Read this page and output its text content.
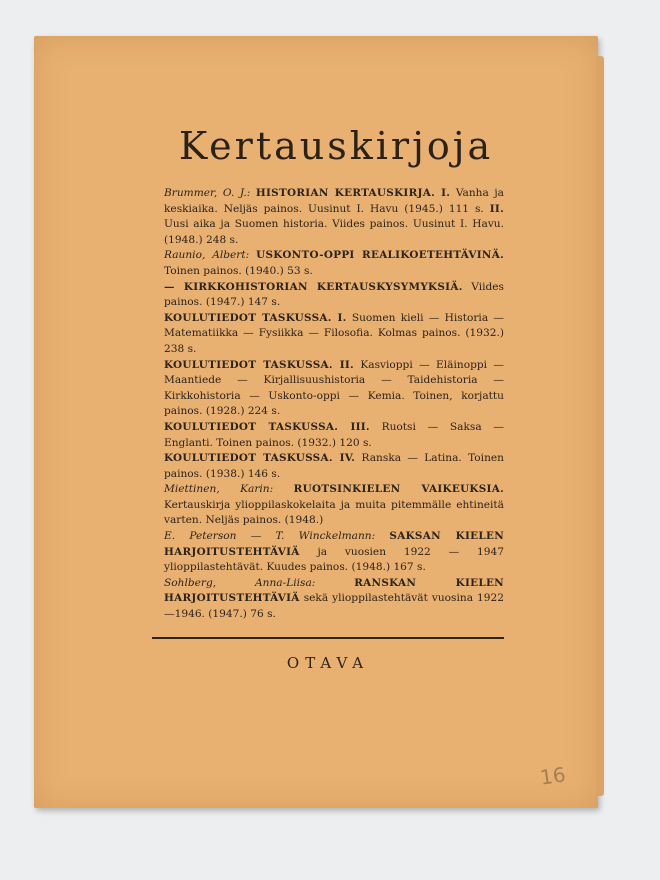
Kertauskirjoja

Brummer, O. J.: HISTORIAN KERTAUSKIRJA. I. Vanha ja keskiaika. Neljäs painos. Uusinut I. Havu (1945.) 111 s. II. Uusi aika ja Suomen historia. Viides painos. Uusinut I. Havu. (1948.) 248 s.

Raunio, Albert: USKONTO-OPPI REALIKOETEHTÄVINÄ. Toinen painos. (1940.) 53 s.

— KIRKKOHISTORIAN KERTAUSKYSYMYKSIÄ. Viides painos. (1947.) 147 s.

KOULUTIEDOT TASKUSSA. I. Suomen kieli — Historia — Matematiikka — Fysiikka — Filosofia. Kolmas painos. (1932.) 238 s.

KOULUTIEDOT TASKUSSA. II. Kasvioppi — Eläinoppi — Maantiede — Kirjallisuushistoria — Taidehistoria — Kirkkohistoria — Uskonto-oppi — Kemia. Toinen, korjattu painos. (1928.) 224 s.

KOULUTIEDOT TASKUSSA. III. Ruotsi — Saksa — Englanti. Toinen painos. (1932.) 120 s.

KOULUTIEDOT TASKUSSA. IV. Ranska — Latina. Toinen painos. (1938.) 146 s.

Miettinen, Karin: RUOTSINKIELEN VAIKEUKSIA. Kertauskirja ylioppilaskokelaita ja muita pitemmälle ehtineitä varten. Neljäs painos. (1948.)

E. Peterson — T. Winckelmann: SAKSAN KIELEN HARJOITUSTEHTÄVIÄ ja vuosien 1922 — 1947 ylioppilastehtävät. Kuudes painos. (1948.) 167 s.

Sohlberg, Anna-Liisa:	RANSKAN KIELEN HARJOITUSTEHTÄVIÄ sekä ylioppilastehtävät vuosina 1922—1946. (1947.) 76 s.

OTAVA
16
